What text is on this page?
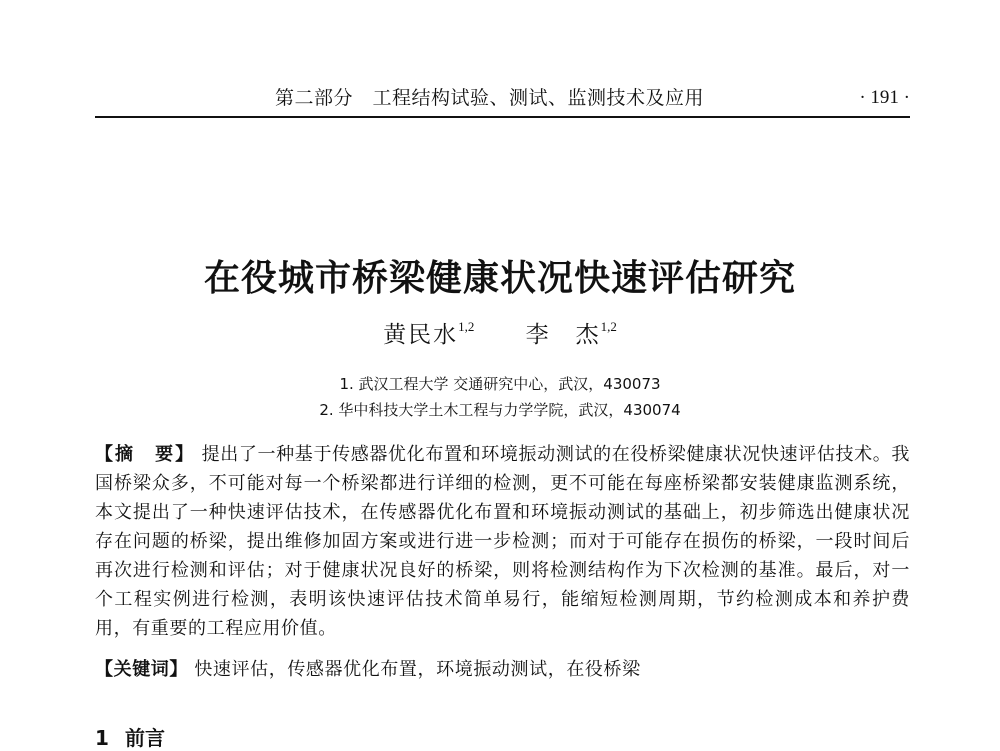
第二部分　工程结构试验、测试、监测技术及应用	· 191 ·
在役城市桥梁健康状况快速评估研究
黄民水$^{1,2}$ 李　杰$^{1,2}$
1. 武汉工程大学 交通研究中心，武汉，430073
2. 华中科技大学土木工程与力学学院，武汉，430074
【摘　要】 提出了一种基于传感器优化布置和环境振动测试的在役桥梁健康状况快速评估技术。我国桥梁众多，不可能对每一个桥梁都进行详细的检测，更不可能在每座桥梁都安装健康监测系统，本文提出了一种快速评估技术，在传感器优化布置和环境振动测试的基础上，初步筛选出健康状况存在问题的桥梁，提出维修加固方案或进行进一步检测；而对于可能存在损伤的桥梁，一段时间后再次进行检测和评估；对于健康状况良好的桥梁，则将检测结构作为下次检测的基准。最后，对一个工程实例进行检测，表明该快速评估技术简单易行，能缩短检测周期，节约检测成本和养护费用，有重要的工程应用价值。
【关键词】 快速评估，传感器优化布置，环境振动测试，在役桥梁
1 前言
